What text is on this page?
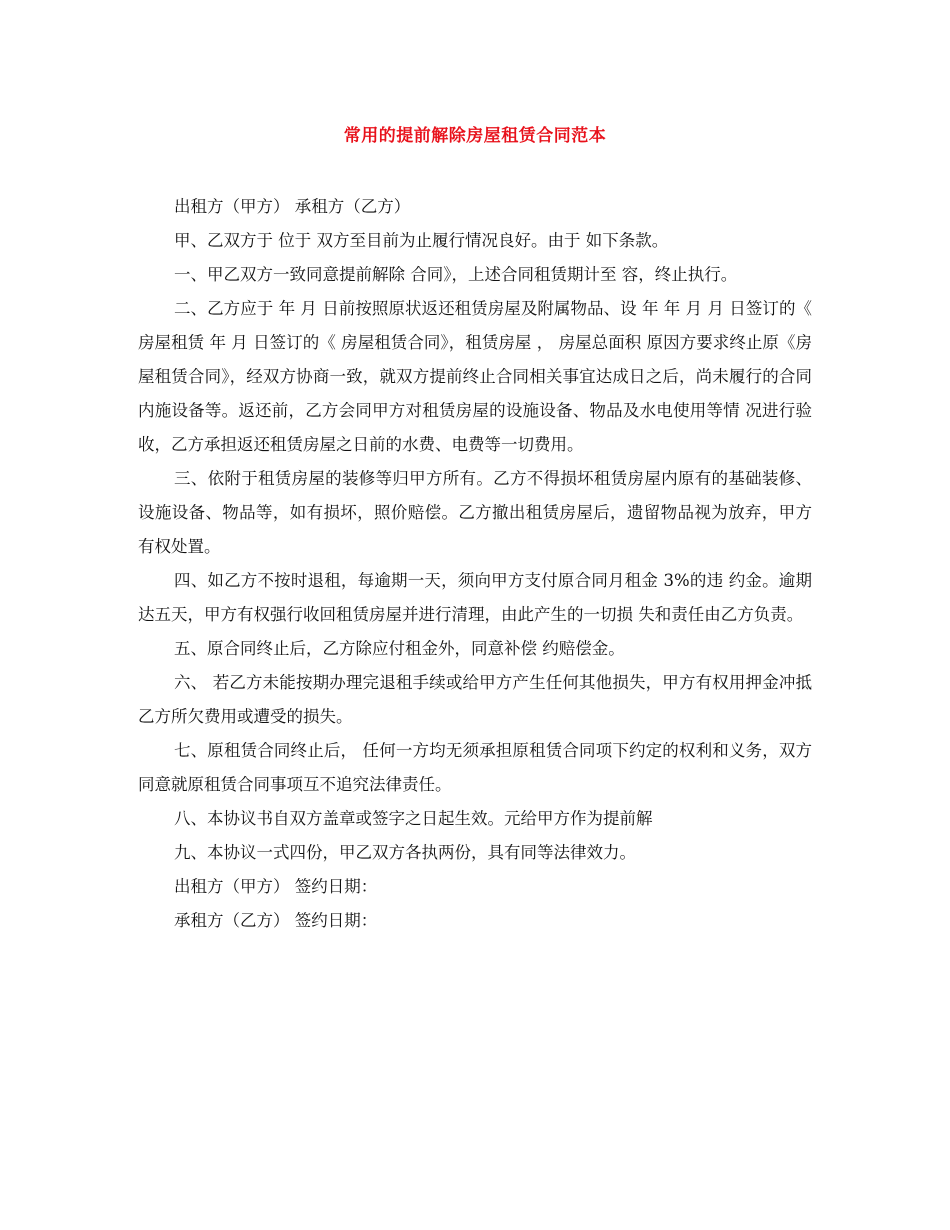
常用的提前解除房屋租赁合同范本

出租方（甲方） 承租方（乙方）

甲、乙双方于 位于 双方至目前为止履行情况良好。由于 如下条款。

一、甲乙双方一致同意提前解除 合同》，上述合同租赁期计至 容，终止执行。

二、乙方应于 年 月 日前按照原状返还租赁房屋及附属物品、设 年 年 月 月 日签订的《 房屋租赁 年 月 日签订的《 房屋租赁合同》，租赁房屋 ， 房屋总面积 原因方要求终止原《房屋租赁合同》，经双方协商一致，就双方提前终止合同相关事宜达成日之后，尚未履行的合同内施设备等。返还前，乙方会同甲方对租赁房屋的设施设备、物品及水电使用等情 况进行验收，乙方承担返还租赁房屋之日前的水费、电费等一切费用。

三、依附于租赁房屋的装修等归甲方所有。乙方不得损坏租赁房屋内原有的基础装修、设施设备、物品等，如有损坏，照价赔偿。乙方撤出租赁房屋后，遗留物品视为放弃，甲方有权处置。

四、如乙方不按时退租，每逾期一天，须向甲方支付原合同月租金 3%的违 约金。逾期达五天，甲方有权强行收回租赁房屋并进行清理，由此产生的一切损 失和责任由乙方负责。

五、原合同终止后，乙方除应付租金外，同意补偿 约赔偿金。

六、 若乙方未能按期办理完退租手续或给甲方产生任何其他损失，甲方有权用押金冲抵乙方所欠费用或遭受的损失。

七、原租赁合同终止后， 任何一方均无须承担原租赁合同项下约定的权利和义务，双方同意就原租赁合同事项互不追究法律责任。

八、本协议书自双方盖章或签字之日起生效。元给甲方作为提前解

九、本协议一式四份，甲乙双方各执两份，具有同等法律效力。

出租方（甲方） 签约日期：

承租方（乙方） 签约日期：
